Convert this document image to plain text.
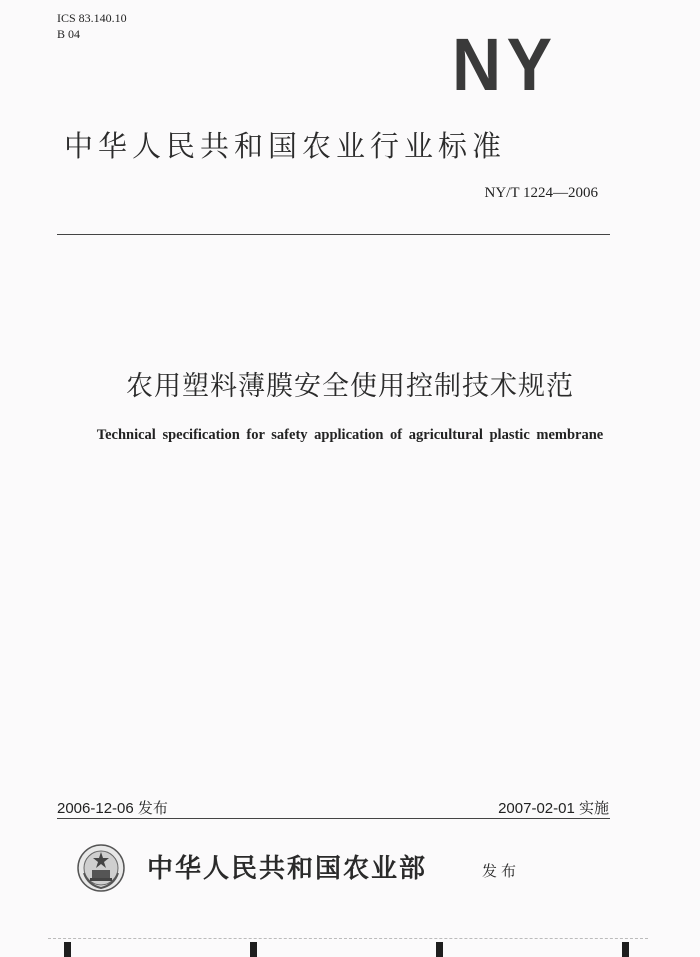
ICS 83.140.10
B 04	NY
中华人民共和国农业行业标准
NY/T 1224—2006
农用塑料薄膜安全使用控制技术规范
Technical specification for safety application of agricultural plastic membrane
2006-12-06 发布	2007-02-01 实施
中华人民共和国农业部	发布
